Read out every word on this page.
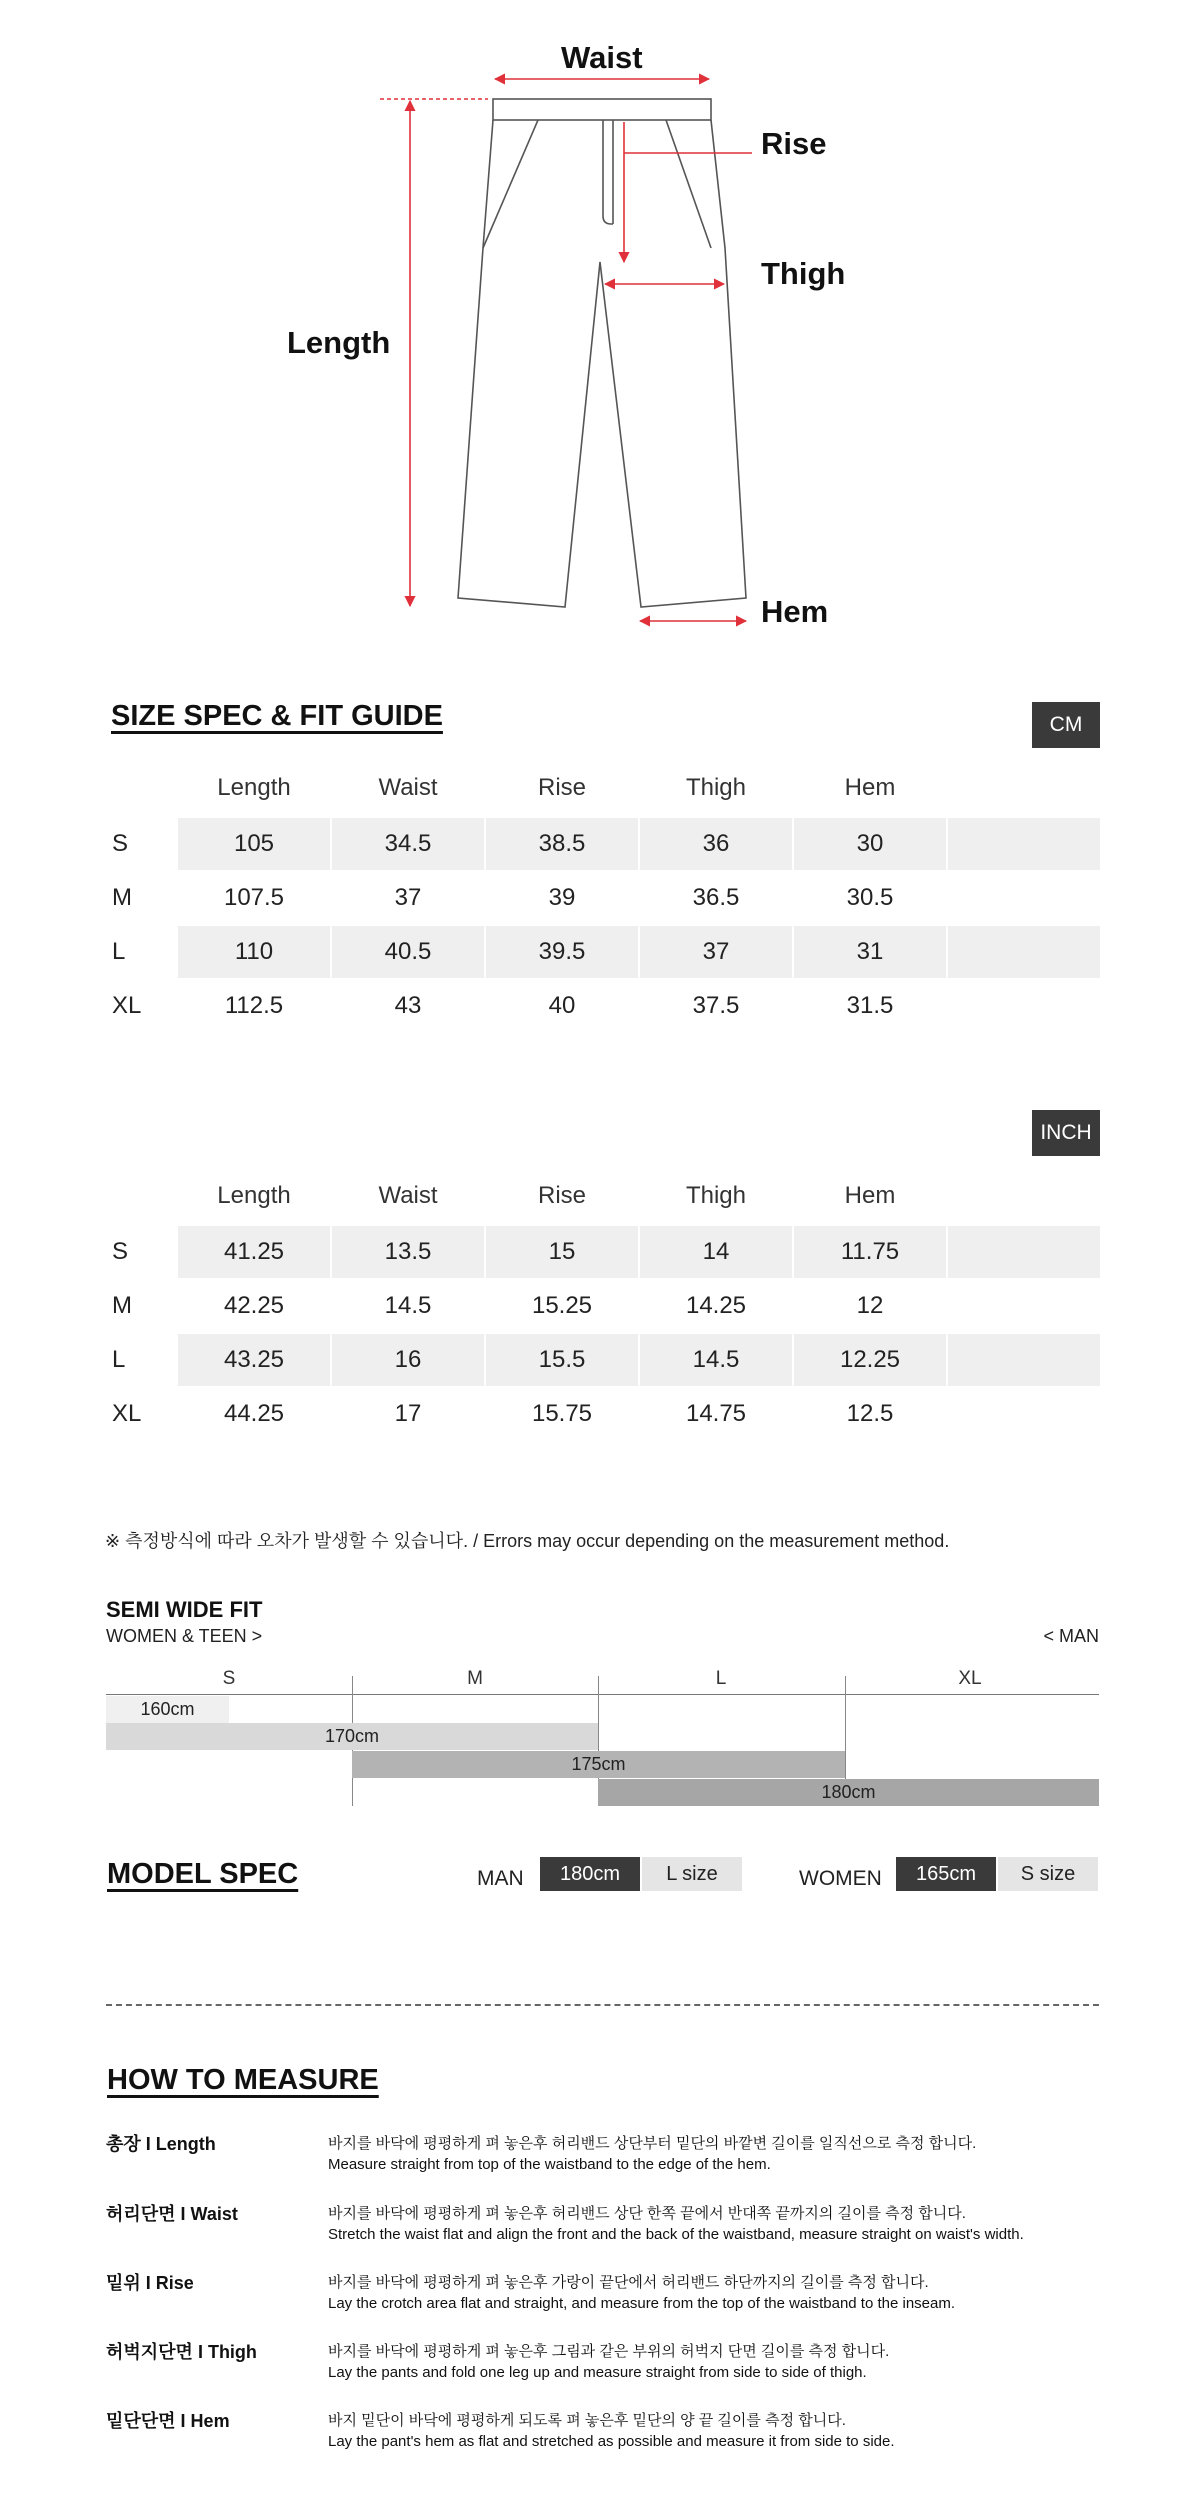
Waist
Rise
Thigh
Length
Hem
SIZE SPEC & FIT GUIDE	CM
Length	Waist	Rise	Thigh	Hem
S	105	34.5	38.5	36	30
M	107.5	37	39	36.5	30.5
L	110	40.5	39.5	37	31
XL	112.5	43	40	37.5	31.5
INCH
Length	Waist	Rise	Thigh	Hem
S	41.25	13.5	15	14	11.75
M	42.25	14.5	15.25	14.25	12
L	43.25	16	15.5	14.5	12.25
XL	44.25	17	15.75	14.75	12.5
※ 측정방식에 따라 오차가 발생할 수 있습니다. / Errors may occur depending on the measurement method.
SEMI WIDE FIT
WOMEN & TEEN >	< MAN
S	M	L	XL
160cm
170cm
175cm
180cm
MODEL SPEC	MAN	180cm	L size	WOMEN	165cm	S size
HOW TO MEASURE
총장 I Length	바지를 바닥에 평평하게 펴 놓은후 허리밴드 상단부터 밑단의 바깥변 길이를 일직선으로 측정 합니다.
Measure straight from top of the waistband to the edge of the hem.
허리단면 I Waist	바지를 바닥에 평평하게 펴 놓은후 허리밴드 상단 한쪽 끝에서 반대쪽 끝까지의 길이를 측정 합니다.
Stretch the waist flat and align the front and the back of the waistband, measure straight on waist's width.
밑위 I Rise	바지를 바닥에 평평하게 펴 놓은후 가랑이 끝단에서 허리밴드 하단까지의 길이를 측정 합니다.
Lay the crotch area flat and straight, and measure from the top of the waistband to the inseam.
허벅지단면 I Thigh	바지를 바닥에 평평하게 펴 놓은후 그림과 같은 부위의 허벅지 단면 길이를 측정 합니다.
Lay the pants and fold one leg up and measure straight from side to side of thigh.
밑단단면 I Hem	바지 밑단이 바닥에 평평하게 되도록 펴 놓은후 밑단의 양 끝 길이를 측정 합니다.
Lay the pant's hem as flat and stretched as possible and measure it from side to side.
